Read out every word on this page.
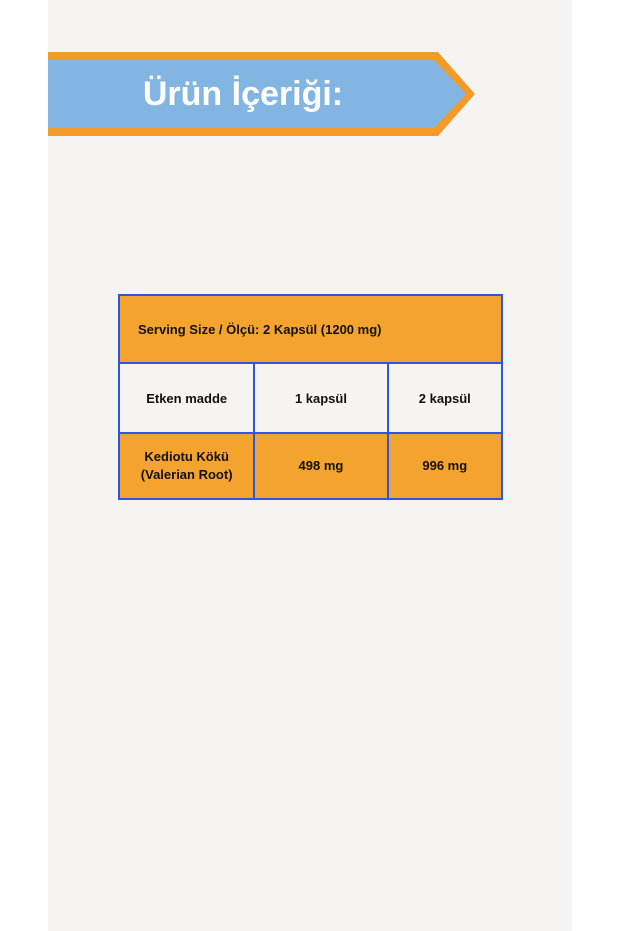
Ürün İçeriği:
Serving Size / Ölçü: 2 Kapsül (1200 mg)		
Etken madde	1 kapsül	2 kapsül
Kediotu Kökü
(Valerian Root)	498 mg	996 mg
